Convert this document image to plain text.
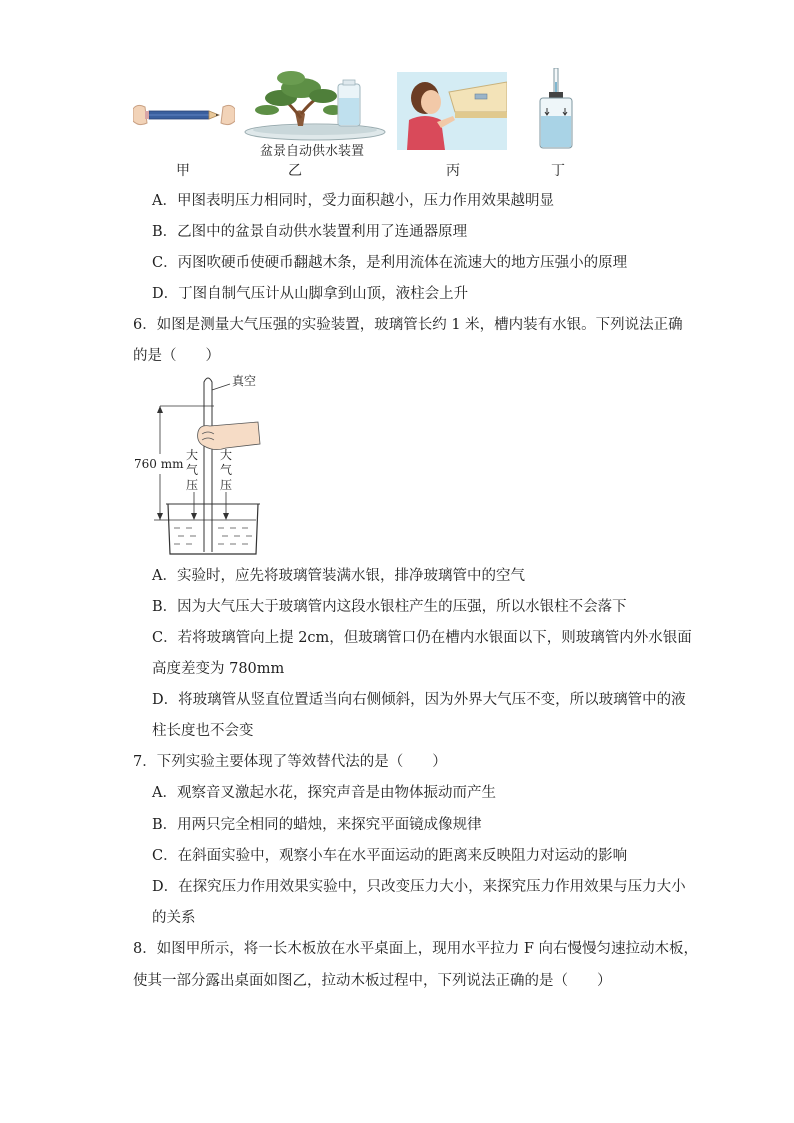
甲
盆景自动供水装置
乙	丙	丁
A．甲图表明压力相同时，受力面积越小，压力作用效果越明显
B．乙图中的盆景自动供水装置利用了连通器原理
C．丙图吹硬币使硬币翻越木条，是利用流体在流速大的地方压强小的原理
D．丁图自制气压计从山脚拿到山顶，液柱会上升
6．如图是测量大气压强的实验装置，玻璃管长约 1 米，槽内装有水银。下列说法正确
的是（　　）
真空
760 mm
大
气
压
大
气
压
A．实验时，应先将玻璃管装满水银，排净玻璃管中的空气
B．因为大气压大于玻璃管内这段水银柱产生的压强，所以水银柱不会落下
C．若将玻璃管向上提 2cm，但玻璃管口仍在槽内水银面以下，则玻璃管内外水银面
高度差变为 780mm
D．将玻璃管从竖直位置适当向右侧倾斜，因为外界大气压不变，所以玻璃管中的液
柱长度也不会变
7．下列实验主要体现了等效替代法的是（　　）
A．观察音叉激起水花，探究声音是由物体振动而产生
B．用两只完全相同的蜡烛，来探究平面镜成像规律
C．在斜面实验中，观察小车在水平面运动的距离来反映阻力对运动的影响
D．在探究压力作用效果实验中，只改变压力大小，来探究压力作用效果与压力大小
的关系
8．如图甲所示，将一长木板放在水平桌面上，现用水平拉力 F 向右慢慢匀速拉动木板，
使其一部分露出桌面如图乙，拉动木板过程中，下列说法正确的是（　　）
